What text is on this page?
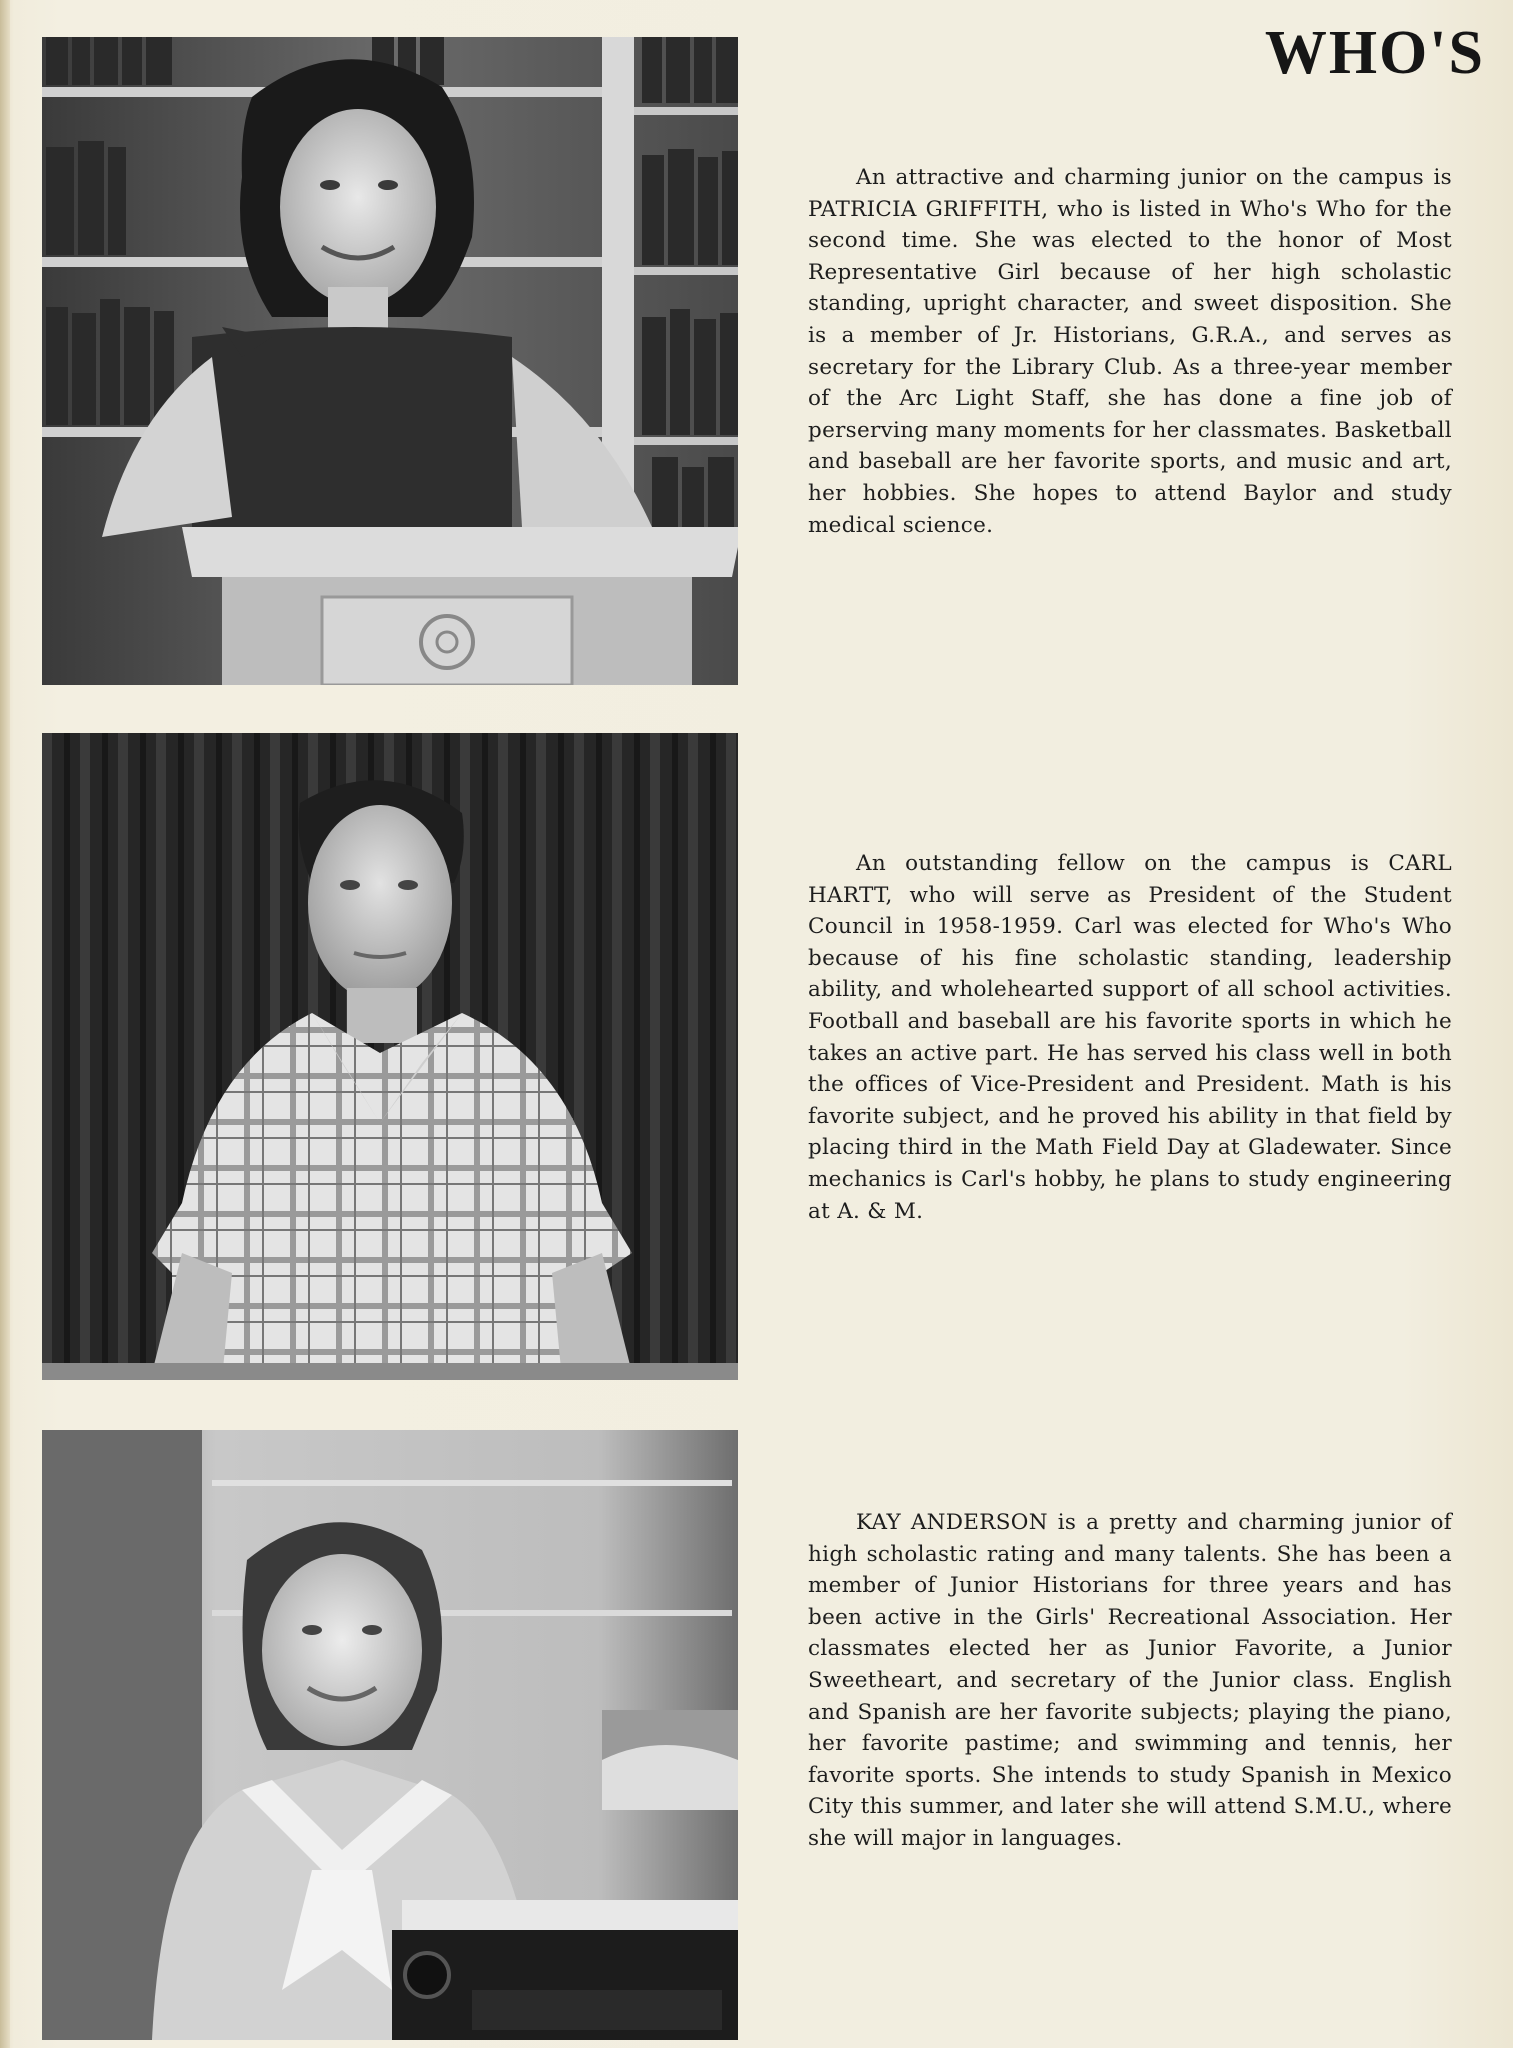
WHO'S

An attractive and charming junior on the campus is PATRICIA GRIFFITH, who is listed in Who's Who for the second time. She was elected to the honor of Most Representative Girl because of her high scholastic standing, upright character, and sweet disposition. She is a member of Jr. Historians, G.R.A., and serves as secretary for the Library Club. As a three-year member of the Arc Light Staff, she has done a fine job of perserving many moments for her classmates. Basketball and baseball are her favorite sports, and music and art, her hobbies. She hopes to attend Baylor and study medical science.

An outstanding fellow on the campus is CARL HARTT, who will serve as President of the Student Council in 1958-1959. Carl was elected for Who's Who because of his fine scholastic standing, leadership ability, and wholehearted support of all school activities. Football and baseball are his favorite sports in which he takes an active part. He has served his class well in both the offices of Vice-President and President. Math is his favorite subject, and he proved his ability in that field by placing third in the Math Field Day at Gladewater. Since mechanics is Carl's hobby, he plans to study engineering at A. & M.

KAY ANDERSON is a pretty and charming junior of high scholastic rating and many talents. She has been a member of Junior Historians for three years and has been active in the Girls' Recreational Association. Her classmates elected her as Junior Favorite, a Junior Sweetheart, and secretary of the Junior class. English and Spanish are her favorite subjects; playing the piano, her favorite pastime; and swimming and tennis, her favorite sports. She intends to study Spanish in Mexico City this summer, and later she will attend S.M.U., where she will major in languages.
